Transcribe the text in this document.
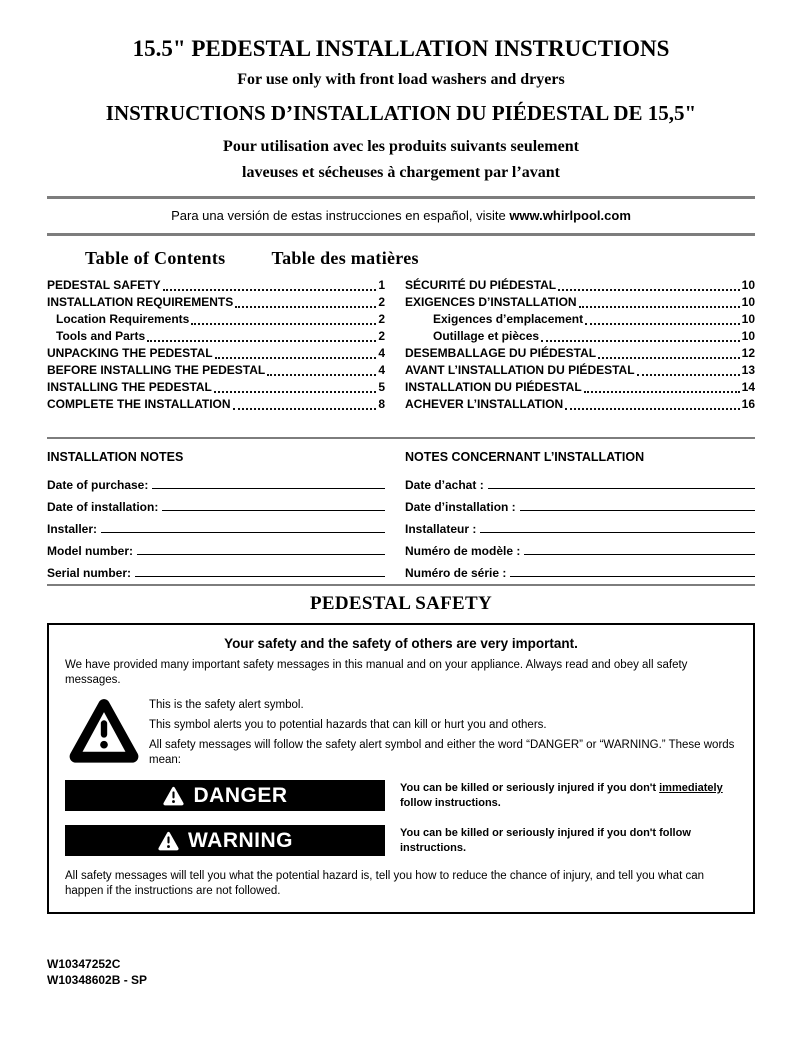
15.5" PEDESTAL INSTALLATION INSTRUCTIONS
For use only with front load washers and dryers
INSTRUCTIONS D’INSTALLATION DU PIÉDESTAL DE 15,5"
Pour utilisation avec les produits suivants seulement
laveuses et sécheuses à chargement par l’avant
Para una versión de estas instrucciones en español, visite www.whirlpool.com
Table of Contents	Table des matières
PEDESTAL SAFETY	1
INSTALLATION REQUIREMENTS	2
Location Requirements	2
Tools and Parts	2
UNPACKING THE PEDESTAL	4
BEFORE INSTALLING THE PEDESTAL	4
INSTALLING THE PEDESTAL	5
COMPLETE THE INSTALLATION	8
SÉCURITÉ DU PIÉDESTAL	10
EXIGENCES D’INSTALLATION	10
Exigences d’emplacement	10
Outillage et pièces	10
DESEMBALLAGE DU PIÉDESTAL	12
AVANT L’INSTALLATION DU PIÉDESTAL	13
INSTALLATION DU PIÉDESTAL	14
ACHEVER L’INSTALLATION	16
INSTALLATION NOTES	NOTES CONCERNANT L’INSTALLATION
Date of purchase:
Date of installation:
Installer:
Model number:
Serial number:
Date d’achat :
Date d’installation :
Installateur :
Numéro de modèle :
Numéro de série :
PEDESTAL SAFETY
Your safety and the safety of others are very important.
We have provided many important safety messages in this manual and on your appliance. Always read and obey all safety messages.

This is the safety alert symbol.

This symbol alerts you to potential hazards that can kill or hurt you and others.

All safety messages will follow the safety alert symbol and either the word “DANGER” or “WARNING.” These words mean:

DANGER	You can be killed or seriously injured if you don't immediately
follow instructions.
WARNING	You can be killed or seriously injured if you don't follow
instructions.
All safety messages will tell you what the potential hazard is, tell you how to reduce the chance of injury, and tell you what can happen if the instructions are not followed.
W10347252C
W10348602B - SP
